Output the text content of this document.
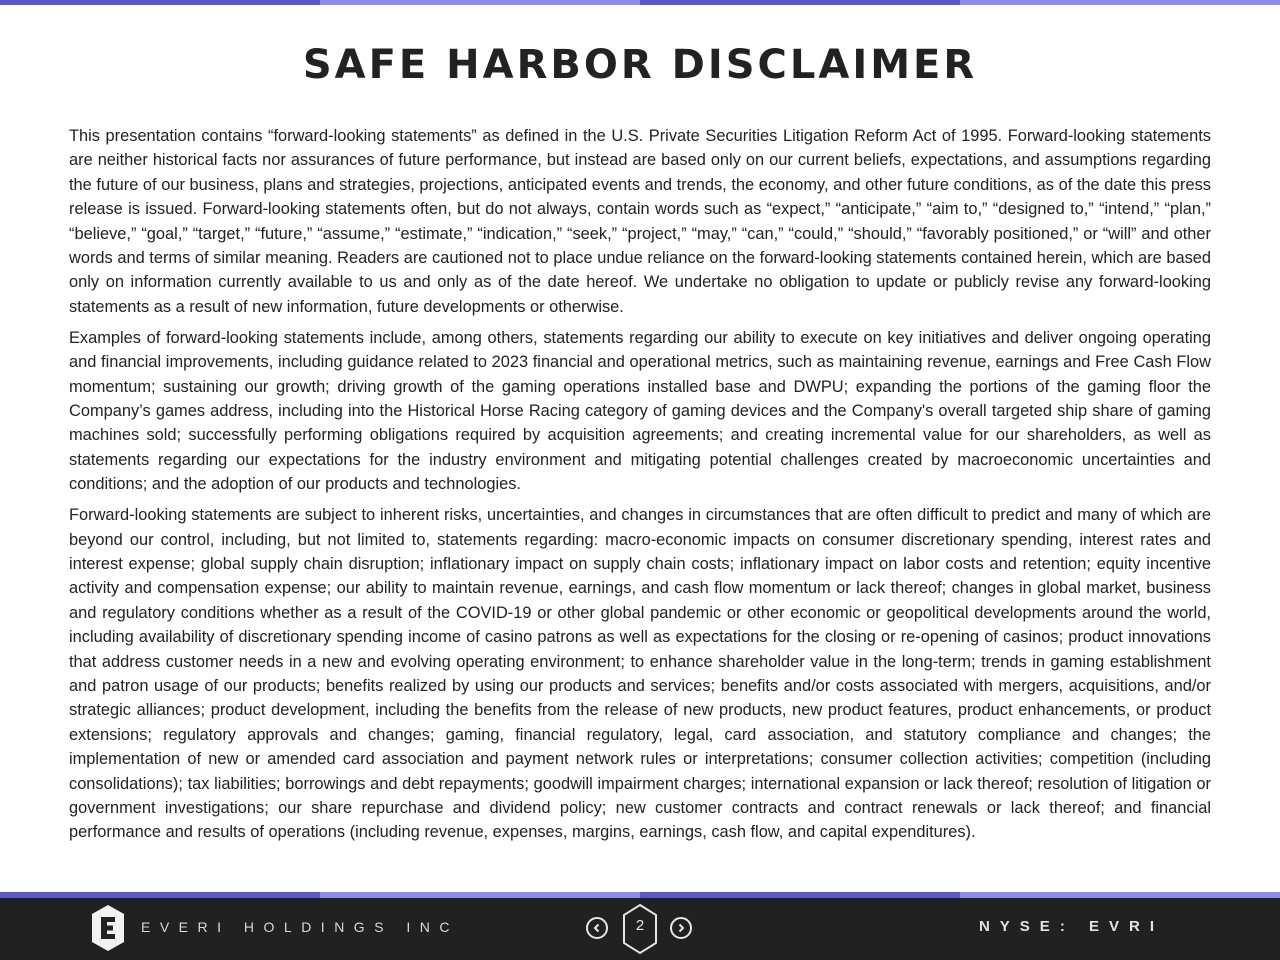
SAFE HARBOR DISCLAIMER

This presentation contains “forward-looking statements” as defined in the U.S. Private Securities Litigation Reform Act of 1995. Forward-looking statements are neither historical facts nor assurances of future performance, but instead are based only on our current beliefs, expectations, and assumptions regarding the future of our business, plans and strategies, projections, anticipated events and trends, the economy, and other future conditions, as of the date this press release is issued. Forward-looking statements often, but do not always, contain words such as “expect,” “anticipate,” “aim to,” “designed to,” “intend,” “plan,” “believe,” “goal,” “target,” “future,” “assume,” “estimate,” “indication,” “seek,” “project,” “may,” “can,” “could,” “should,” “favorably positioned,” or “will” and other words and terms of similar meaning. Readers are cautioned not to place undue reliance on the forward-looking statements contained herein, which are based only on information currently available to us and only as of the date hereof. We undertake no obligation to update or publicly revise any forward-looking statements as a result of new information, future developments or otherwise.

Examples of forward-looking statements include, among others, statements regarding our ability to execute on key initiatives and deliver ongoing operating and financial improvements, including guidance related to 2023 financial and operational metrics, such as maintaining revenue, earnings and Free Cash Flow momentum; sustaining our growth; driving growth of the gaming operations installed base and DWPU; expanding the portions of the gaming floor the Company’s games address, including into the Historical Horse Racing category of gaming devices and the Company's overall targeted ship share of gaming machines sold; successfully performing obligations required by acquisition agreements; and creating incremental value for our shareholders, as well as statements regarding our expectations for the industry environment and mitigating potential challenges created by macroeconomic uncertainties and conditions; and the adoption of our products and technologies.

Forward-looking statements are subject to inherent risks, uncertainties, and changes in circumstances that are often difficult to predict and many of which are beyond our control, including, but not limited to, statements regarding: macro-economic impacts on consumer discretionary spending, interest rates and interest expense; global supply chain disruption; inflationary impact on supply chain costs; inflationary impact on labor costs and retention; equity incentive activity and compensation expense; our ability to maintain revenue, earnings, and cash flow momentum or lack thereof; changes in global market, business and regulatory conditions whether as a result of the COVID-19 or other global pandemic or other economic or geopolitical developments around the world, including availability of discretionary spending income of casino patrons as well as expectations for the closing or re-opening of casinos; product innovations that address customer needs in a new and evolving operating environment; to enhance shareholder value in the long-term; trends in gaming establishment and patron usage of our products; benefits realized by using our products and services; benefits and/or costs associated with mergers, acquisitions, and/or strategic alliances; product development, including the benefits from the release of new products, new product features, product enhancements, or product extensions; regulatory approvals and changes; gaming, financial regulatory, legal, card association, and statutory compliance and changes; the implementation of new or amended card association and payment network rules or interpretations; consumer collection activities; competition (including consolidations); tax liabilities; borrowings and debt repayments; goodwill impairment charges; international expansion or lack thereof; resolution of litigation or government investigations; our share repurchase and dividend policy; new customer contracts and contract renewals or lack thereof; and financial performance and results of operations (including revenue, expenses, margins, earnings, cash flow, and capital expenditures).

EVERI HOLDINGS INC	2	NYSE: EVRI
